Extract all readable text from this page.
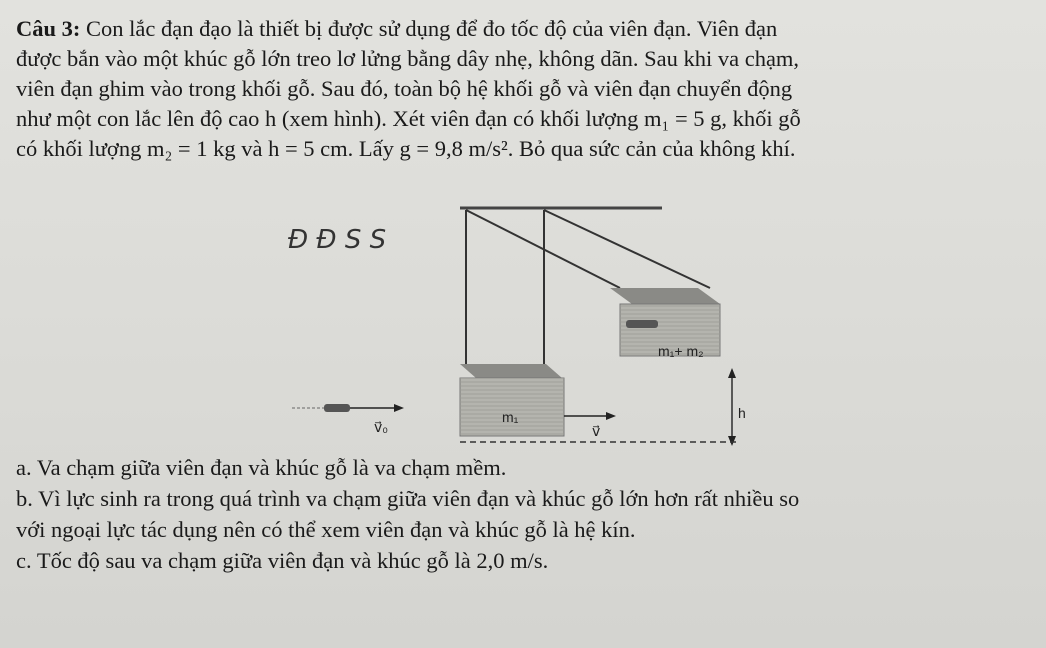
Câu 3: Con lắc đạn đạo là thiết bị được sử dụng để đo tốc độ của viên đạn. Viên đạn
được bắn vào một khúc gỗ lớn treo lơ lửng bằng dây nhẹ, không dãn. Sau khi va chạm,
viên đạn ghim vào trong khối gỗ. Sau đó, toàn bộ hệ khối gỗ và viên đạn chuyển động
như một con lắc lên độ cao h (xem hình). Xét viên đạn có khối lượng m₁ = 5 g, khối gỗ
có khối lượng m₂ = 1 kg và h = 5 cm. Lấy g = 9,8 m/s². Bỏ qua sức cản của không khí.
Đ Đ S S
m₁+ m₂
m₁
v⃗
v⃗₀
h
a. Va chạm giữa viên đạn và khúc gỗ là va chạm mềm.
b. Vì lực sinh ra trong quá trình va chạm giữa viên đạn và khúc gỗ lớn hơn rất nhiều so
với ngoại lực tác dụng nên có thể xem viên đạn và khúc gỗ là hệ kín.
c. Tốc độ sau va chạm giữa viên đạn và khúc gỗ là 2,0 m/s.
